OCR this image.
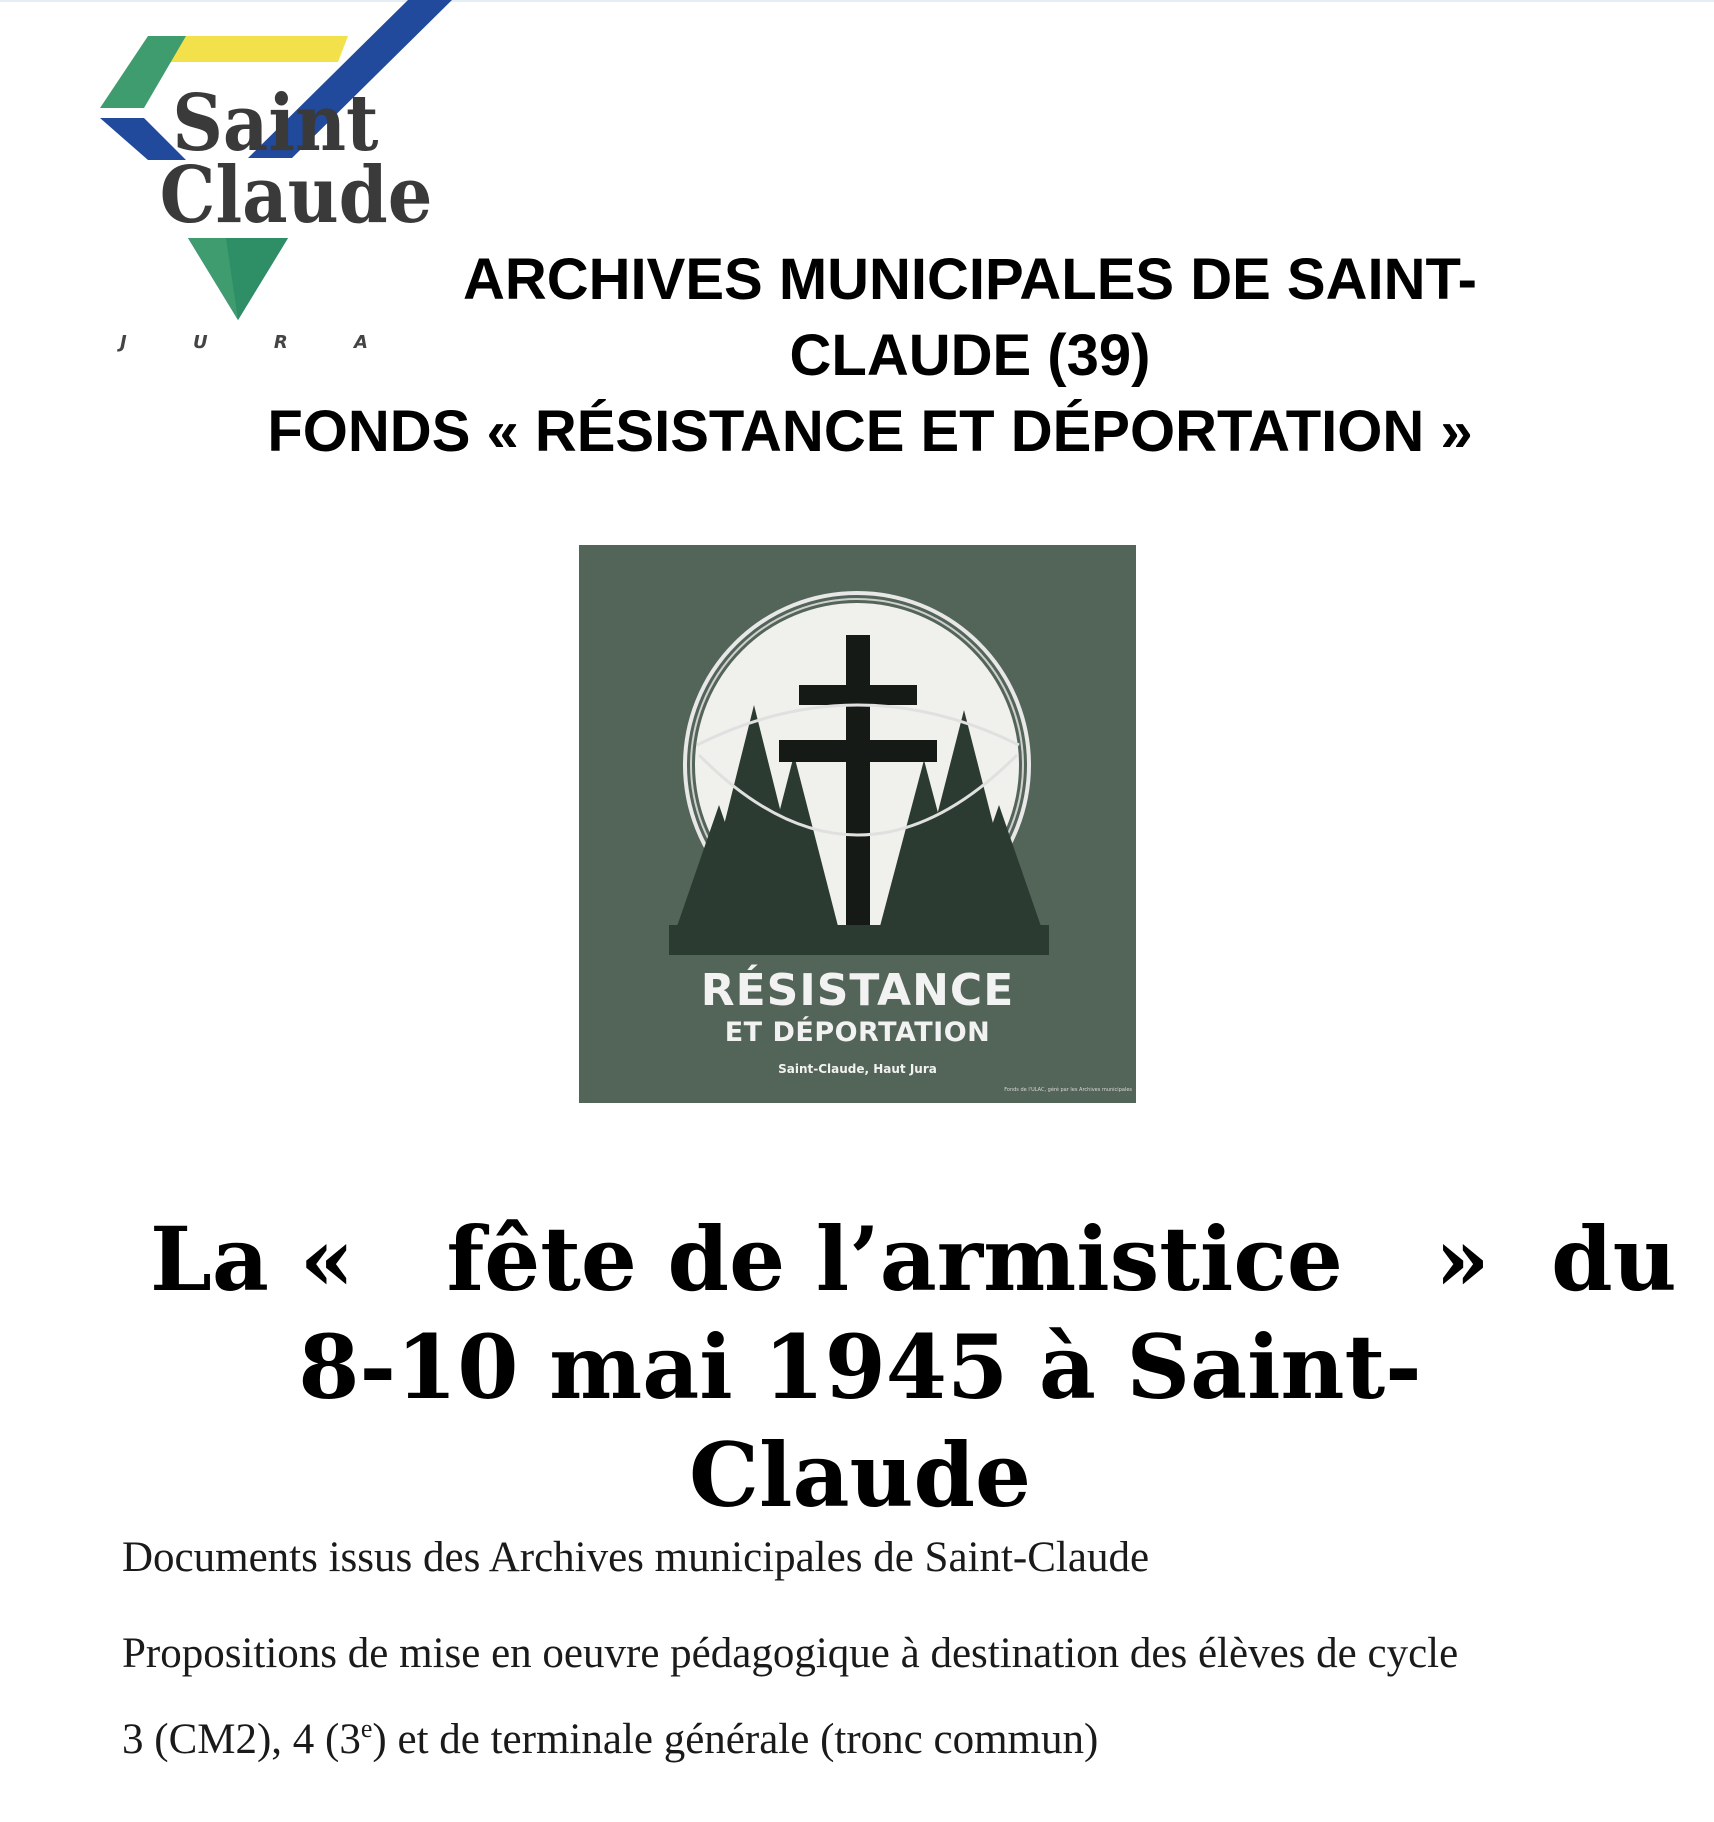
Saint
Claude
J U R A
ARCHIVES MUNICIPALES DE SAINT-
CLAUDE (39)
FONDS « RÉSISTANCE ET DÉPORTATION »
RÉSISTANCE
ET DÉPORTATION
Saint-Claude, Haut Jura
Fonds de l'ULAC, géré par les Archives municipales
La «   fête de l’armistice   »  du
8-10 mai 1945 à Saint-Claude

Documents issus des Archives municipales de Saint-Claude

Propositions de mise en oeuvre pédagogique à destination des élèves de cycle
3 (CM2), 4 (3e) et de terminale générale (tronc commun)
